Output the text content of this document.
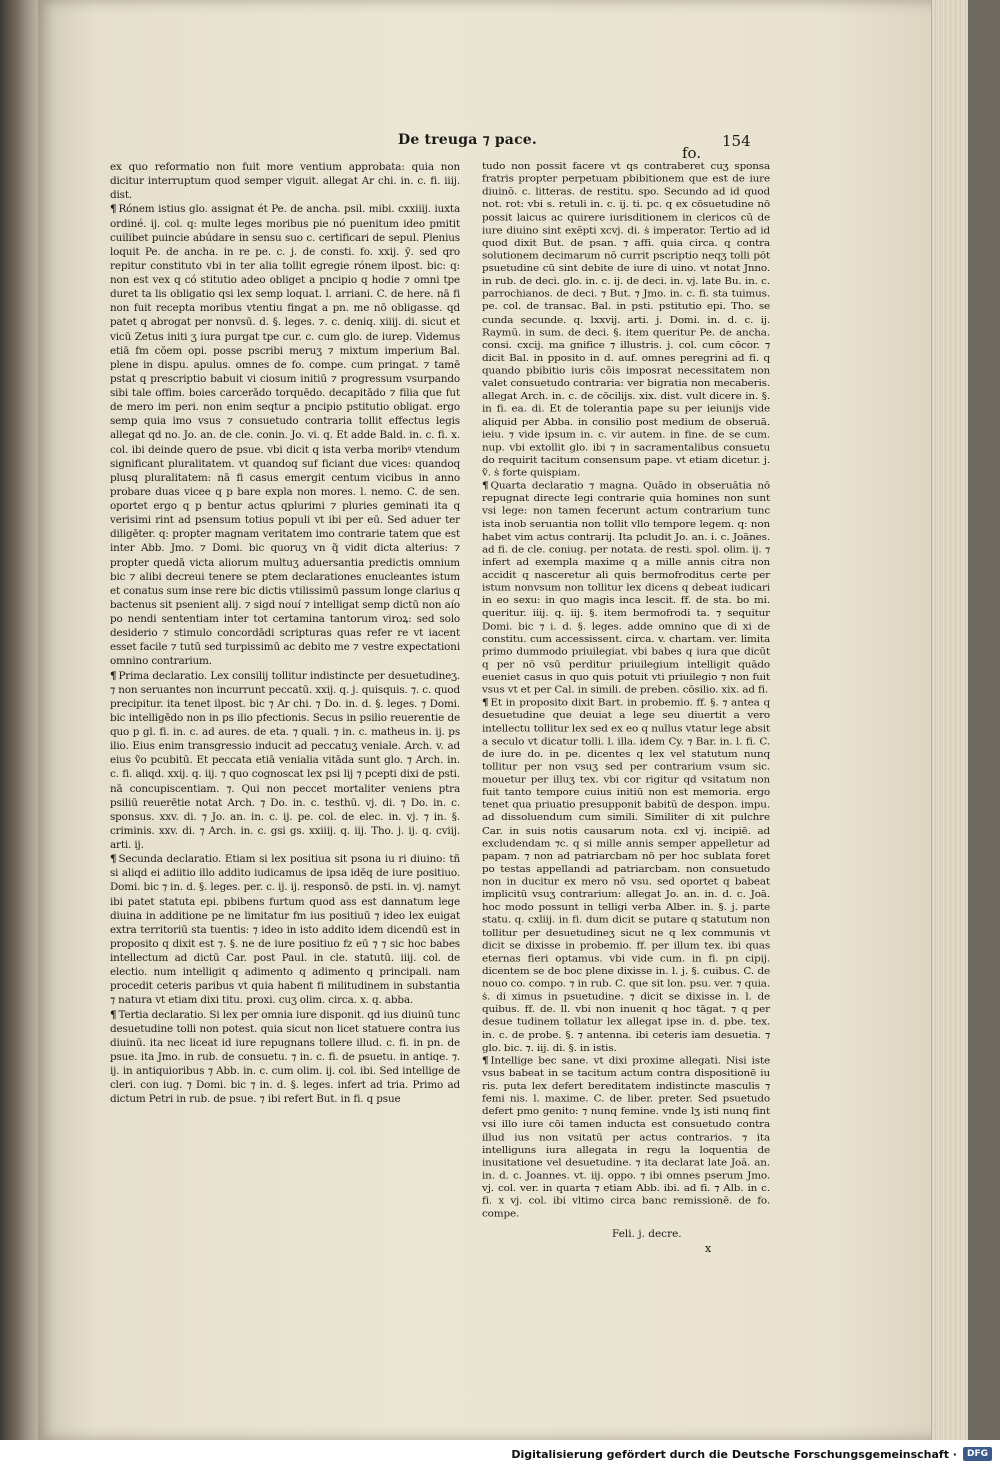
De treuga ⁊ pace.
fo.
154

ex quo reformatio non fuit more ventium approbata: quia non dicitur interruptum quod semper viguit. allegat Ar chi. in. c. fi. iiij. dist.

¶ Rónem istius glo. assignat ét Pe. de ancha. psil. mibi. cxxiiij. iuxta ordiné. ij. col. q: multe leges moribus pie nó puenitum ideo pmitit cuilibet puincie abúdare in sensu suo c. certificari de sepul. Plenius loquit Pe. de ancha. in re pe. c. j. de consti. fo. xxij. ӯ. sed qro repitur constituto vbi in ter alia tollit egregie rónem ilpost. bic: q: non est vex q có stitutio adeo obliget a pncipio q hodie ⁊ omni tpe duret ta lis obligatio qsi lex semp loquat. l. arriani. C. de here. nā fi non fuit recepta moribus vtentiu fingat a pn. me nō obligasse. qd patet q abrogat per nonvsū. d. §. leges. ⁊. c. deniq. xiiij. di. sicut et vicū Zetus initi ʒ iura purgat tpe cur. c. cum glo. de iurep. Videmus etiā fm cōem opi. posse pscribi meruʒ ⁊ mixtum imperium Bal. plene in dispu. apulus. omnes de fo. compe. cum pringat. ⁊ tamē pstat q prescriptio babuit vi ciosum initiū ⁊ progressum vsurpando sibi tale offim. boies carcerādo torquēdo. decapitādo ⁊ filia que fut de mero im peri. non enim seqtur a pncipio pstitutio obligat. ergo semp quia imo vsus ⁊ consuetudo contraria tollit effectus legis allegat qd no. Jo. an. de cle. conin. Jo. vi. q. Et adde Bald. in. c. fi. x. col. ibi deinde quero de psue. vbi dicit q ista verba moribꝰ vtendum significant pluralitatem. vt quandoq suf ficiant due vices: quandoq plusq pluralitatem: nā fi casus emergit centum vicibus in anno probare duas vicee q p bare expla non mores. l. nemo. C. de sen. oportet ergo q p bentur actus qplurimi ⁊ pluries geminati ita q verisimi rint ad psensum totius populi vt ibi per eū. Sed aduer ter diligēter. q: propter magnam veritatem imo contrarie tatem que est inter Abb. Jmo. ⁊ Domi. bic quoruʒ vn q̃ vidit dicta alterius: ⁊ propter quedā victa aliorum multuʒ aduersantia predictis omnium bic ⁊ alibi decreui tenere se ptem declarationes enucleantes istum et conatus sum inse rere bic dictis vtilissimū passum longe clarius q bactenus sit psenient alij. ⁊ sigd nouí ⁊ intelligat semp dictū non aío po nendi sententiam inter tot certamina tantorum viroꝝ: sed solo desiderio ⁊ stimulo concordādi scripturas quas refer re vt iacent esset facile ⁊ tutū sed turpissimū ac debito me ⁊ vestre expectationi omnino contrarium.

¶ Prima declaratio. Lex consilij tollitur indistincte per desuetudineʒ. ⁊ non seruantes non incurrunt peccatū. xxij. q. j. quisquis. ⁊. c. quod precipitur. ita tenet ilpost. bic ⁊ Ar chi. ⁊ Do. in. d. §. leges. ⁊ Domi. bic intelligēdo non in ps ilio pfectionis. Secus in psilio reuerentie de quo p gl. fi. in. c. ad aures. de eta. ⁊ quali. ⁊ in. c. matheus in. ij. ps ilio. Eius enim transgressio inducit ad peccatuʒ veniale. Arch. v. ad eius ṽo pcubitū. Et peccata etiā venialia vitāda sunt glo. ⁊ Arch. in. c. fi. aliqd. xxij. q. iij. ⁊ quo cognoscat lex psi lij ⁊ pcepti dixi de psti. nā concupiscentiam. ⁊. Qui non peccet mortaliter veniens ptra psiliū reuerētie notat Arch. ⁊ Do. in. c. testhū. vj. di. ⁊ Do. in. c. sponsus. xxv. di. ⁊ Jo. an. in. c. ij. pe. col. de elec. in. vj. ⁊ in. §. criminis. xxv. di. ⁊ Arch. in. c. gsi gs. xxiiij. q. iij. Tho. j. ij. q. cviij. arti. ij.

¶ Secunda declaratio. Etiam si lex positiua sit psona iu ri diuino: tñ si aliqd ei adiitio illo addito iudicamus de ipsa idēq de iure positiuo. Domi. bic ⁊ in. d. §. leges. per. c. ij. ij. responsō. de psti. in. vj. namyt ibi patet statuta epi. pbibens furtum quod ass est dannatum lege diuina in additione pe ne limitatur fm ius positiuū ⁊ ideo lex euigat extra territoriū sta tuentis: ⁊ ideo in isto addito idem dicendū est in proposito q dixit est ⁊. §. ne de iure positiuo fz eū ⁊ ⁊ sic hoc babes intellectum ad dictū Car. post Paul. in cle. statutū. iiij. col. de electio. num intelligit q adimento q adimento q principali. nam procedit ceteris paribus vt quia habent fi militudinem in substantia ⁊ natura vt etiam dixi titu. proxi. cuʒ olim. circa. x. q. abba.

¶ Tertia declaratio. Si lex per omnia iure disponit. qd ius diuinū tunc desuetudine tolli non potest. quia sicut non licet statuere contra ius diuinū. ita nec liceat id iure repugnans tollere illud. c. fi. in pn. de psue. ita Jmo. in rub. de consuetu. ⁊ in. c. fi. de psuetu. in antiqe. ⁊. ij. in antiquioribus ⁊ Abb. in. c. cum olim. ij. col. ibi. Sed intellige de cleri. con iug. ⁊ Domi. bic ⁊ in. d. §. leges. infert ad tria. Primo ad dictum Petri in rub. de psue. ⁊ ibi refert But. in fi. q psue

tudo non possit facere vt qs contraberet cuʒ sponsa fratris propter perpetuam pbibitionem que est de iure diuinō. c. litteras. de restitu. spo. Secundo ad id quod not. rot: vbi s. retuli in. c. ij. ti. pc. q ex cōsuetudine nō possit laicus ac quirere iurisditionem in clericos cū de iure diuino sint exēpti xcvj. di. ṡ imperator. Tertio ad id quod dixit But. de psan. ⁊ affi. quia circa. q contra solutionem decimarum nō currit pscriptio neqʒ tolli pōt psuetudine cū sint debite de iure di uino. vt notat Jnno. in rub. de deci. glo. in. c. ij. de deci. in. vj. late Bu. in. c. parrochianos. de deci. ⁊ But. ⁊ Jmo. in. c. fi. sta tuimus. pe. col. de transac. Bal. in psti. pstitutio epi. Tho. se cunda secunde. q. lxxvij. arti. j. Domi. in. d. c. ij. Raymū. in sum. de deci. §. item queritur Pe. de ancha. consi. cxcij. ma gnifice ⁊ illustris. j. col. cum cōcor. ⁊ dicit Bal. in pposito in d. auf. omnes peregrini ad fi. q quando pbibitio iuris cōis imposrat necessitatem non valet consuetudo contraria: ver bigratia non mecaberis. allegat Arch. in. c. de cōcilijs. xix. dist. vult dicere in. §. in fi. ea. di. Et de tolerantia pape su per ieiunijs vide aliquid per Abba. in consilio post medium de obseruā. ieiu. ⁊ vide ipsum in. c. vir autem. in fine. de se cum. nup. vbi extollit glo. ibi ⁊ in sacramentalibus consuetu do requirit tacitum consensum pape. vt etiam dicetur. j. ṽ. ṡ forte quispiam.

¶ Quarta declaratio ⁊ magna. Quādo in obseruātia nō repugnat directe legi contrarie quia homines non sunt vsi lege: non tamen fecerunt actum contrarium tunc ista inob seruantia non tollit vllo tempore legem. q: non habet vim actus contrarij. Ita pcludit Jo. an. i. c. Joānes. ad fi. de cle. coniug. per notata. de resti. spol. olim. ij. ⁊ infert ad exempla maxime q a mille annis citra non accidit q nasceretur ali quis bermofroditus certe per istum nonvsum non tollitur lex dicens q debeat iudicari in eo sexu: in quo magis inca lescit. ff. de sta. bo mi. queritur. iiij. q. iij. §. item bermofrodi ta. ⁊ sequitur Domi. bic ⁊ i. d. §. leges. adde omnino que di xi de constitu. cum accessissent. circa. v. chartam. ver. limita primo dummodo priuilegiat. vbi babes q iura que dicūt q per nō vsū perditur priuilegium intelligit quādo eueniet casus in quo quis potuit vti priuilegio ⁊ non fuit vsus vt et per Cal. in simili. de preben. cōsilio. xix. ad fi.

¶ Et in proposito dixit Bart. in probemio. ff. §. ⁊ antea q desuetudine que deuiat a lege seu diuertit a vero intellectu tollitur lex sed ex eo q nullus vtatur lege absit a seculo vt dicatur tolli. l. illa. idem Cy. ⁊ Bar. in. l. fi. C. de iure do. in pe. dicentes q lex vel statutum nunq tollitur per non vsuʒ sed per contrarium vsum sic. mouetur per illuʒ tex. vbi cor rigitur qd vsitatum non fuit tanto tempore cuius initiū non est memoria. ergo tenet qua priuatio presupponit babitū de despon. impu. ad dissoluendum cum simili. Similiter di xit pulchre Car. in suis notis causarum nota. cxl vj. incipiē. ad excludendam ⁊c. q si mille annis semper appelletur ad papam. ⁊ non ad patriarcbam nō per hoc sublata foret po testas appellandi ad patriarcbam. non consuetudo non in ducitur ex mero nō vsu. sed oportet q babeat implicitū vsuʒ contrarium: allegat Jo. an. in. d. c. Joā. hoc modo possunt in telligi verba Alber. in. §. j. parte statu. q. cxliij. in fi. dum dicit se putare q statutum non tollitur per desuetudineʒ sicut ne q lex communis vt dicit se dixisse in probemio. ff. per illum tex. ibi quas eternas fieri optamus. vbi vide cum. in fi. pn cipij. dicentem se de boc plene dixisse in. l. j. §. cuibus. C. de nouo co. compo. ⁊ in rub. C. que sit lon. psu. ver. ⁊ quia. ṡ. di ximus in psuetudine. ⁊ dicit se dixisse in. l. de quibus. ff. de. ll. vbi non inuenit q hoc tāgat. ⁊ q per desue tudinem tollatur lex allegat ipse in. d. pbe. tex. in. c. de probe. §. ⁊ antenna. ibi ceteris iam desuetia. ⁊ glo. bic. ⁊. iij. di. §. in istis.

¶ Intellige bec sane. vt dixi proxime allegati. Nisi iste vsus babeat in se tacitum actum contra dispositionē iu ris. puta lex defert bereditatem indistincte masculis ⁊ femi nis. l. maxime. C. de liber. preter. Sed psuetudo defert pmo genito: ⁊ nunq femine. vnde lʒ isti nunq fint vsi illo iure cōi tamen inducta est consuetudo contra illud ius non vsitatū per actus contrarios. ⁊ ita intelliguns iura allegata in regu la loquentia de inusitatione vel desuetudine. ⁊ ita declarat late Joā. an. in. d. c. Joannes. vt. iij. oppo. ⁊ ibi omnes pserum Jmo. vj. col. ver. in quarta ⁊ etiam Abb. ibi. ad fi. ⁊ Alb. in c. fi. x vj. col. ibi vltimo circa banc remissionē. de fo. compe.

Feli. j. decre.
x
Digitalisierung gefördert durch die Deutsche Forschungsgemeinschaft ·	DFG
